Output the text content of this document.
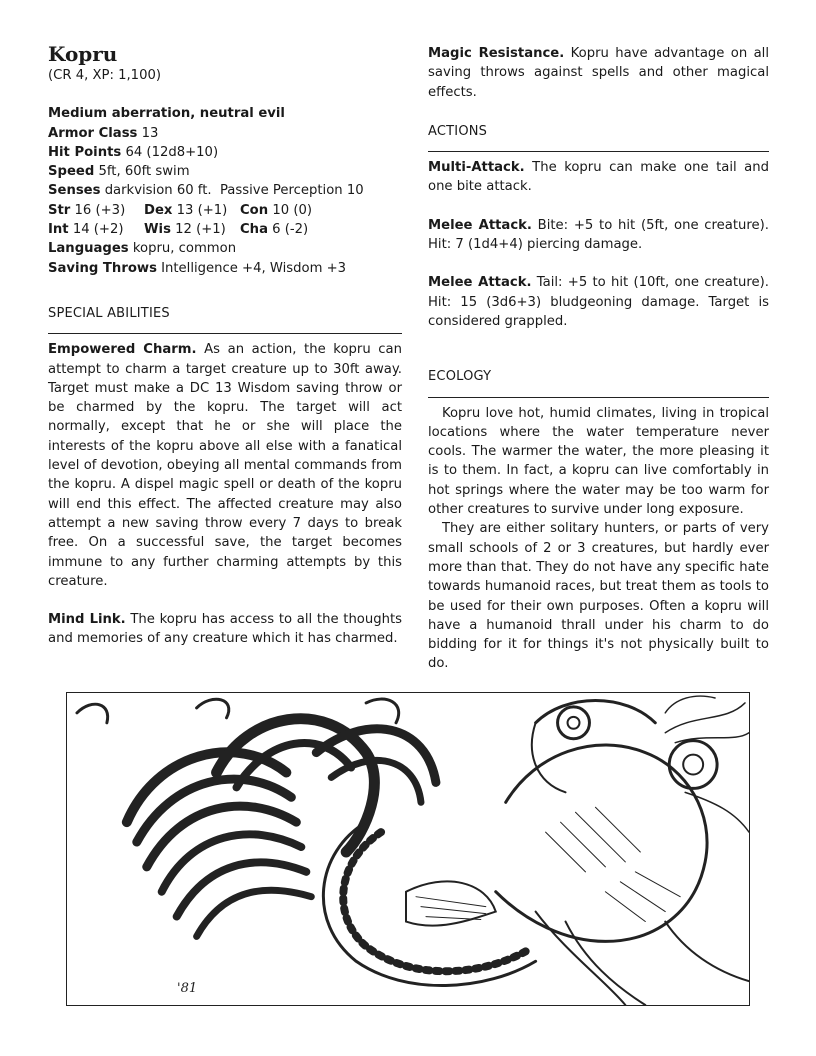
Kopru

(CR 4, XP: 1,100)

Medium aberration, neutral evil

Armor Class 13

Hit Points 64 (12d8+10)

Speed 5ft, 60ft swim

Senses darkvision 60 ft.  Passive Perception 10

Str 16 (+3) Dex 13 (+1) Con 10 (0)

Int 14 (+2) Wis 12 (+1) Cha 6 (-2)

Languages kopru, common

Saving Throws Intelligence +4, Wisdom +3

SPECIAL ABILITIES

Empowered Charm. As an action, the kopru can attempt to charm a target creature up to 30ft away. Target must make a DC 13 Wisdom saving throw or be charmed by the kopru. The target will act normally, except that he or she will place the interests of the kopru above all else with a fanatical level of devotion, obeying all mental commands from the kopru. A dispel magic spell or death of the kopru will end this effect. The affected creature may also attempt a new saving throw every 7 days to break free. On a successful save, the target becomes immune to any further charming attempts by this creature.

Mind Link. The kopru has access to all the thoughts and memories of any creature which it has charmed.

Magic Resistance. Kopru have advantage on all saving throws against spells and other magical effects.

ACTIONS

Multi-Attack. The kopru can make one tail and one bite attack.

Melee Attack. Bite: +5 to hit (5ft, one creature). Hit: 7 (1d4+4) piercing damage.

Melee Attack. Tail: +5 to hit (10ft, one creature). Hit: 15 (3d6+3) bludgeoning damage. Target is considered grappled.

ECOLOGY

Kopru love hot, humid climates, living in tropical locations where the water temperature never cools. The warmer the water, the more pleasing it is to them. In fact, a kopru can live comfortably in hot springs where the water may be too warm for other creatures to survive under long exposure.

They are either solitary hunters, or parts of very small schools of 2 or 3 creatures, but hardly ever more than that. They do not have any specific hate towards humanoid races, but treat them as tools to be used for their own purposes. Often a kopru will have a humanoid thrall under his charm to do bidding for it for things it's not physically built to do.

'81
